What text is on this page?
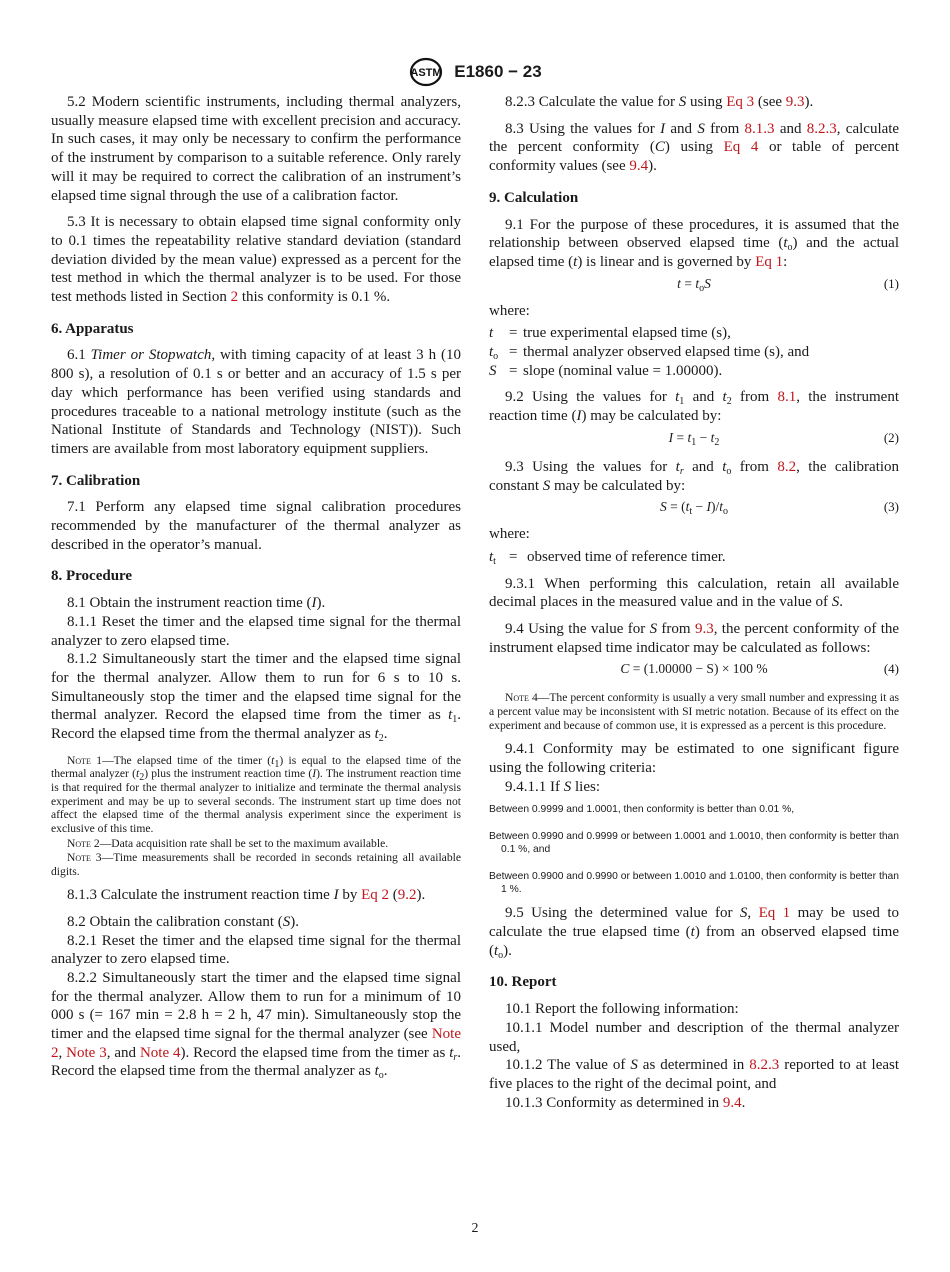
ASTM E1860 − 23

5.2 Modern scientific instruments, including thermal analyzers, usually measure elapsed time with excellent precision and accuracy. In such cases, it may only be necessary to confirm the performance of the instrument by comparison to a suitable reference. Only rarely will it may be required to correct the calibration of an instrument’s elapsed time signal through the use of a calibration factor.

5.3 It is necessary to obtain elapsed time signal conformity only to 0.1 times the repeatability relative standard deviation (standard deviation divided by the mean value) expressed as a percent for the test method in which the thermal analyzer is to be used. For those test methods listed in Section 2 this conformity is 0.1 %.

6. Apparatus

6.1 Timer or Stopwatch, with timing capacity of at least 3 h (10 800 s), a resolution of 0.1 s or better and an accuracy of 1.5 s per day which performance has been verified using standards and procedures traceable to a national metrology institute (such as the National Institute of Standards and Technology (NIST)). Such timers are available from most laboratory equipment suppliers.

7. Calibration

7.1 Perform any elapsed time signal calibration procedures recommended by the manufacturer of the thermal analyzer as described in the operator’s manual.

8. Procedure

8.1 Obtain the instrument reaction time (I).

8.1.1 Reset the timer and the elapsed time signal for the thermal analyzer to zero elapsed time.

8.1.2 Simultaneously start the timer and the elapsed time signal for the thermal analyzer. Allow them to run for 6 s to 10 s. Simultaneously stop the timer and the elapsed time signal for the thermal analyzer. Record the elapsed time from the timer as $t_1$. Record the elapsed time from the thermal analyzer as $t_2$.

Note 1—The elapsed time of the timer $(t_1)$ is equal to the elapsed time of the thermal analyzer $(t_2)$ plus the instrument reaction time (I). The instrument reaction time is that required for the thermal analyzer to initialize and terminate the thermal analysis experiment and may be up to several seconds. The instrument start up time does not affect the elapsed time of the thermal analysis experiment since the experiment is exclusive of this time.

Note 2—Data acquisition rate shall be set to the maximum available.

Note 3—Time measurements shall be recorded in seconds retaining all available digits.

8.1.3 Calculate the instrument reaction time I by Eq 2 (9.2).

8.2 Obtain the calibration constant (S).

8.2.1 Reset the timer and the elapsed time signal for the thermal analyzer to zero elapsed time.

8.2.2 Simultaneously start the timer and the elapsed time signal for the thermal analyzer. Allow them to run for a minimum of 10 000 s (= 167 min = 2.8 h = 2 h, 47 min). Simultaneously stop the timer and the elapsed time signal for the thermal analyzer (see Note 2, Note 3, and Note 4). Record the elapsed time from the timer as $t_r$. Record the elapsed time from the thermal analyzer as $t_o$.

8.2.3 Calculate the value for S using Eq 3 (see 9.3).

8.3 Using the values for I and S from 8.1.3 and 8.2.3, calculate the percent conformity (C) using Eq 4 or table of percent conformity values (see 9.4).

9. Calculation

9.1 For the purpose of these procedures, it is assumed that the relationship between observed elapsed time $(t_o)$ and the actual elapsed time (t) is linear and is governed by Eq 1:

$t = t_oS$	(1)

where:

t	= true experimental elapsed time (s),
$t_o$ = thermal analyzer observed elapsed time (s), and
S = slope (nominal value = 1.00000).

9.2 Using the values for $t_1$ and $t_2$ from 8.1, the instrument reaction time (I) may be calculated by:

$I = t_1 - t_2$	(2)

9.3 Using the values for $t_r$ and $t_o$ from 8.2, the calibration constant S may be calculated by:

$S = (t_t - I)/t_o$	(3)

where:

$t_t$ = observed time of reference timer.

9.3.1 When performing this calculation, retain all available decimal places in the measured value and in the value of S.

9.4 Using the value for S from 9.3, the percent conformity of the instrument elapsed time indicator may be calculated as follows:

C = (1.00000 − S) × 100 %	(4)

Note 4—The percent conformity is usually a very small number and expressing it as a percent value may be inconsistent with SI metric notation. Because of its effect on the experiment and because of common use, it is expressed as a percent is this procedure.

9.4.1 Conformity may be estimated to one significant figure using the following criteria:

9.4.1.1 If S lies:

Between 0.9999 and 1.0001, then conformity is better than 0.01 %,

Between 0.9990 and 0.9999 or between 1.0001 and 1.0010, then conformity is better than 0.1 %, and

Between 0.9900 and 0.9990 or between 1.0010 and 1.0100, then conformity is better than 1 %.

9.5 Using the determined value for S, Eq 1 may be used to calculate the true elapsed time (t) from an observed elapsed time $(t_o)$.

10. Report

10.1 Report the following information:

10.1.1 Model number and description of the thermal analyzer used,

10.1.2 The value of S as determined in 8.2.3 reported to at least five places to the right of the decimal point, and

10.1.3 Conformity as determined in 9.4.

2
